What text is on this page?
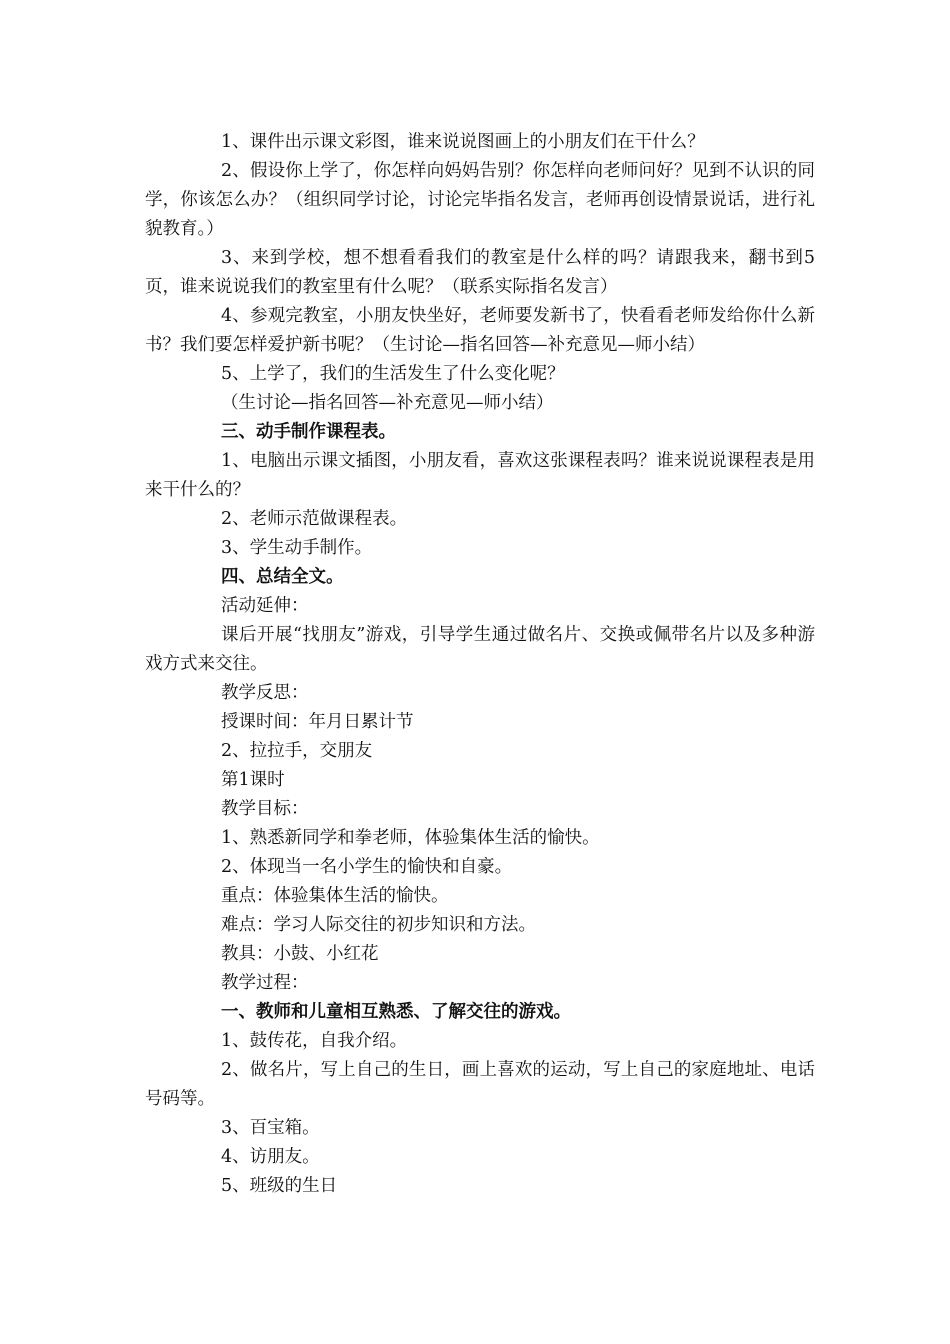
1、课件出示课文彩图，谁来说说图画上的小朋友们在干什么？

2、假设你上学了，你怎样向妈妈告别？你怎样向老师问好？见到不认识的同学，你该怎么办？（组织同学讨论，讨论完毕指名发言，老师再创设情景说话，进行礼貌教育。）

3、来到学校，想不想看看我们的教室是什么样的吗？请跟我来，翻书到5页，谁来说说我们的教室里有什么呢？（联系实际指名发言）

4、参观完教室，小朋友快坐好，老师要发新书了，快看看老师发给你什么新书？我们要怎样爱护新书呢？（生讨论—指名回答—补充意见—师小结）

5、上学了，我们的生活发生了什么变化呢？

（生讨论—指名回答—补充意见—师小结）

三、动手制作课程表。

1、电脑出示课文插图，小朋友看，喜欢这张课程表吗？谁来说说课程表是用来干什么的？

2、老师示范做课程表。

3、学生动手制作。

四、总结全文。

活动延伸：

课后开展“找朋友”游戏，引导学生通过做名片、交换或佩带名片以及多种游戏方式来交往。

教学反思：

授课时间：年月日累计节

2、拉拉手，交朋友

第1课时

教学目标：

1、熟悉新同学和拳老师，体验集体生活的愉快。

2、体现当一名小学生的愉快和自豪。

重点：体验集体生活的愉快。

难点：学习人际交往的初步知识和方法。

教具：小鼓、小红花

教学过程：

一、教师和儿童相互熟悉、了解交往的游戏。

1、鼓传花，自我介绍。

2、做名片，写上自己的生日，画上喜欢的运动，写上自己的家庭地址、电话号码等。

3、百宝箱。

4、访朋友。

5、班级的生日
